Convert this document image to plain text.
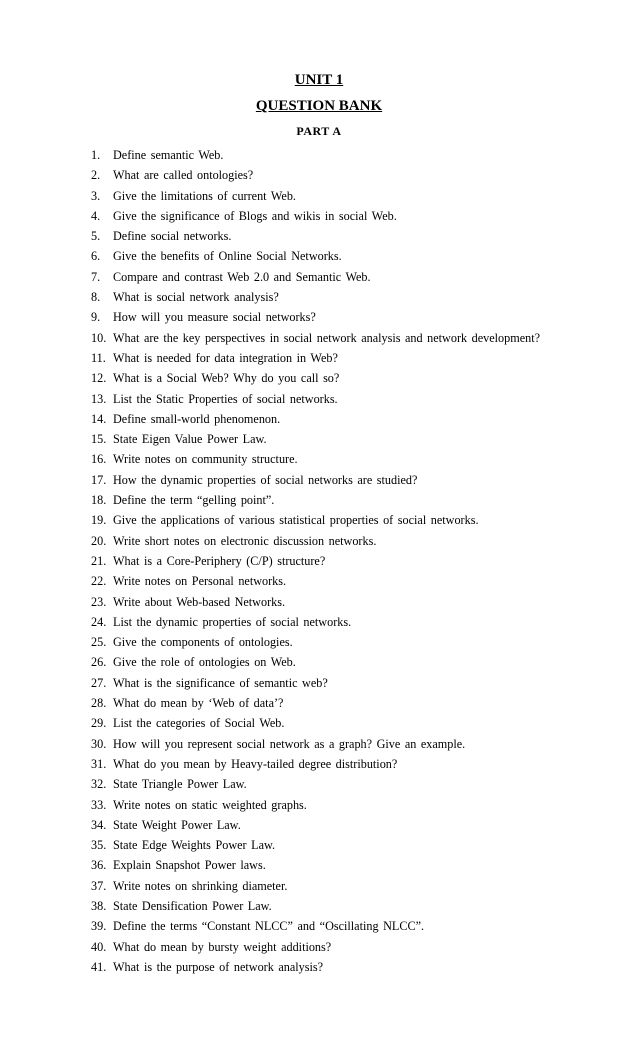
UNIT 1
QUESTION BANK
PART A
1.	Define semantic Web.
2.	What are called ontologies?
3.	Give the limitations of current Web.
4.	Give the significance of Blogs and wikis in social Web.
5.	Define social networks.
6.	Give the benefits of Online Social Networks.
7.	Compare and contrast Web 2.0 and Semantic Web.
8.	What is social network analysis?
9.	How will you measure social networks?
10. What are the key perspectives in social network analysis and network development?
11. What is needed for data integration in Web?
12. What is a Social Web? Why do you call so?
13. List the Static Properties of social networks.
14. Define small-world phenomenon.
15. State Eigen Value Power Law.
16. Write notes on community structure.
17. How the dynamic properties of social networks are studied?
18. Define the term “gelling point”.
19. Give the applications of various statistical properties of social networks.
20. Write short notes on electronic discussion networks.
21. What is a Core-Periphery (C/P) structure?
22. Write notes on Personal networks.
23. Write about Web-based Networks.
24. List the dynamic properties of social networks.
25. Give the components of ontologies.
26. Give the role of ontologies on Web.
27. What is the significance of semantic web?
28. What do mean by ‘Web of data’?
29. List the categories of Social Web.
30. How will you represent social network as a graph? Give an example.
31. What do you mean by Heavy-tailed degree distribution?
32. State Triangle Power Law.
33. Write notes on static weighted graphs.
34. State Weight Power Law.
35. State Edge Weights Power Law.
36. Explain Snapshot Power laws.
37. Write notes on shrinking diameter.
38. State Densification Power Law.
39. Define the terms “Constant NLCC” and “Oscillating NLCC”.
40. What do mean by bursty weight additions?
41. What is the purpose of network analysis?
